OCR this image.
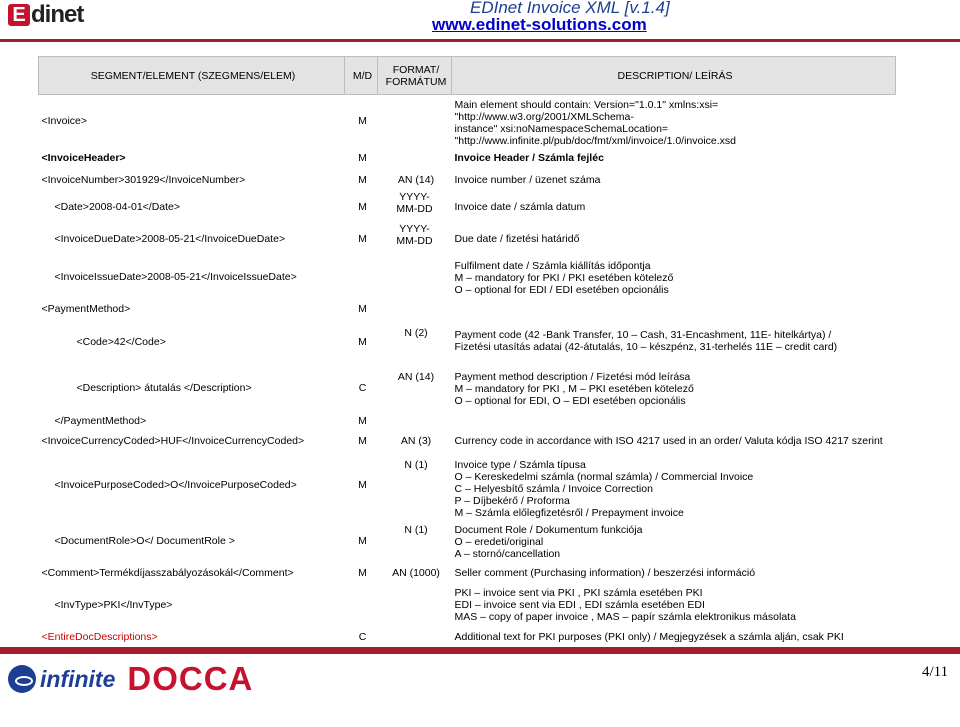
E dinet	EDInet Invoice XML [v.1.4]
www.edinet-solutions.com
SEGMENT/ELEMENT (SZEGMENS/ELEM)	M/D	FORMAT/ FORMÁTUM	DESCRIPTION/ LEÍRÁS
<Invoice>	M		Main element should contain: Version="1.0.1" xmlns:xsi= "http://www.w3.org/2001/XMLSchema-
instance" xsi:noNamespaceSchemaLocation=
"http://www.infinite.pl/pub/doc/fmt/xml/invoice/1.0/invoice.xsd

<InvoiceHeader>	M		Invoice Header / Számla fejléc
<InvoiceNumber>301929</InvoiceNumber>	M	AN (14)	Invoice number / üzenet száma
<Date>2008-04-01</Date>	M	YYYY-MM-DD	Invoice date / számla datum
<InvoiceDueDate>2008-05-21</InvoiceDueDate>	M	YYYY-MM-DD	Due date / fizetési határidő
<InvoiceIssueDate>2008-05-21</InvoiceIssueDate>			Fulfilment date / Számla kiállítás időpontja
M – mandatory for PKI / PKI esetében kötelező
O – optional for EDI / EDI esetében opcionális

<PaymentMethod>	M		
<Code>42</Code>	M	N (2)	Payment code (42 -Bank Transfer, 10 – Cash, 31-Encashment, 11E- hitelkártya) /
Fizetési utasítás adatai (42-átutalás, 10 – készpénz, 31-terhelés 11E – credit card)

<Description> átutalás </Description>	C	AN (14)	Payment method description / Fizetési mód leírása
M – mandatory for PKI , M – PKI esetében kötelező
O – optional for EDI, O – EDI esetében opcionális

</PaymentMethod>	M		
<InvoiceCurrencyCoded>HUF</InvoiceCurrencyCoded>	M	AN (3)	Currency code in accordance with ISO 4217 used in an order/ Valuta kódja ISO 4217 szerint
<InvoicePurposeCoded>O</InvoicePurposeCoded>	M	N (1)	Invoice type / Számla típusa
O – Kereskedelmi számla (normal számla) / Commercial Invoice
C – Helyesbítő számla / Invoice Correction
P – Díjbekérő / Proforma
M – Számla előlegfizetésről / Prepayment invoice

<DocumentRole>O</ DocumentRole >	M	N (1)	Document Role / Dokumentum funkciója
O – eredeti/original
A – stornó/cancellation

<Comment>Termékdíjasszabályozásokál</Comment>	M	AN (1000)	Seller comment (Purchasing information) / beszerzési információ
<InvType>PKI</InvType>			PKI – invoice sent via PKI , PKI számla esetében PKI
EDI – invoice sent via EDI , EDI számla esetében EDI
MAS – copy of paper invoice , MAS – papír számla elektronikus másolata

<EntireDocDescriptions>	C		Additional text for PKI purposes (PKI only) / Megjegyzések a számla alján, csak PKI
infinite DOCCA	4/11
